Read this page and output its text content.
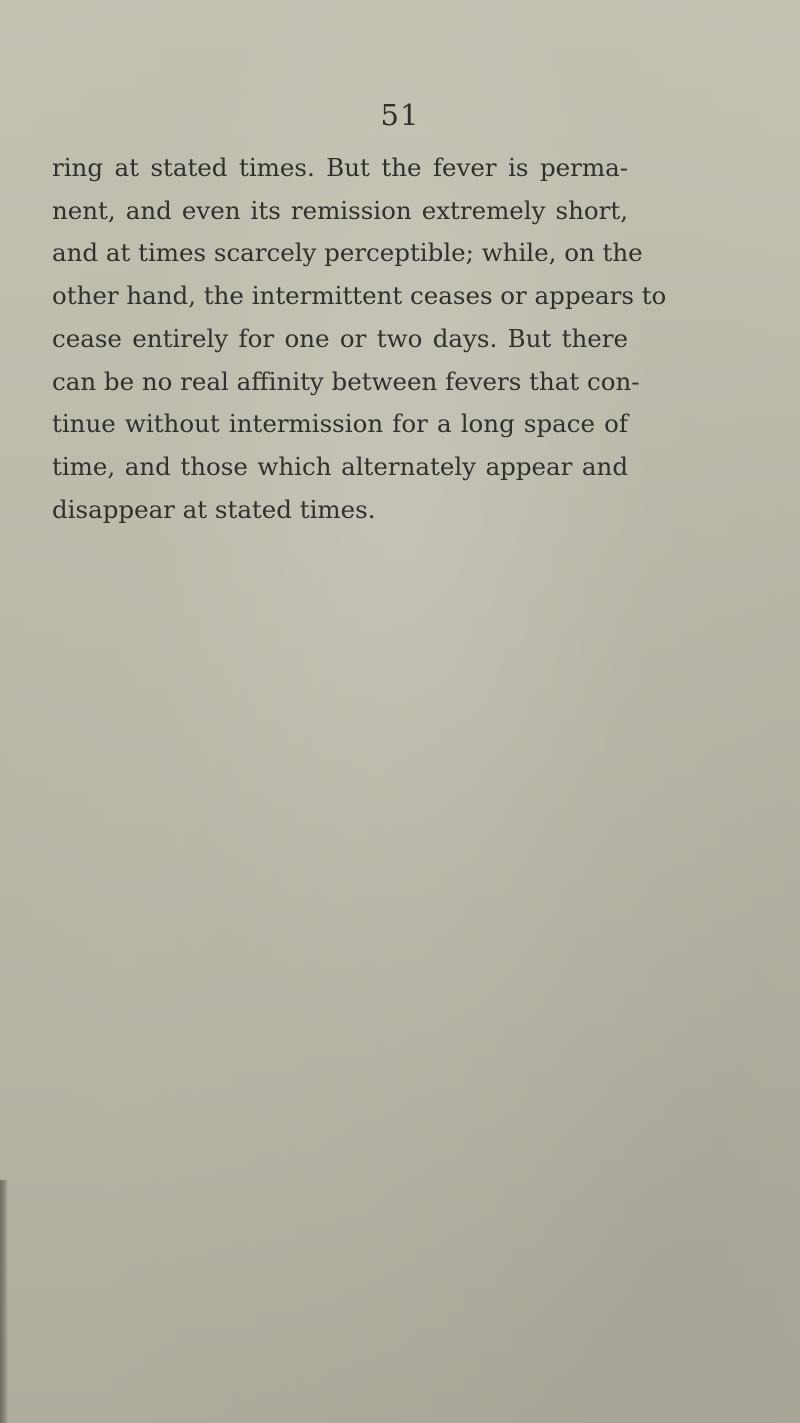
51
ring at stated times. But the fever is perma-
nent, and even its remission extremely short,
and at times scarcely perceptible; while, on the
other hand, the intermittent ceases or appears to
cease entirely for one or two days. But there
can be no real affinity between fevers that con-
tinue without intermission for a long space of
time, and those which alternately appear and
disappear at stated times.
